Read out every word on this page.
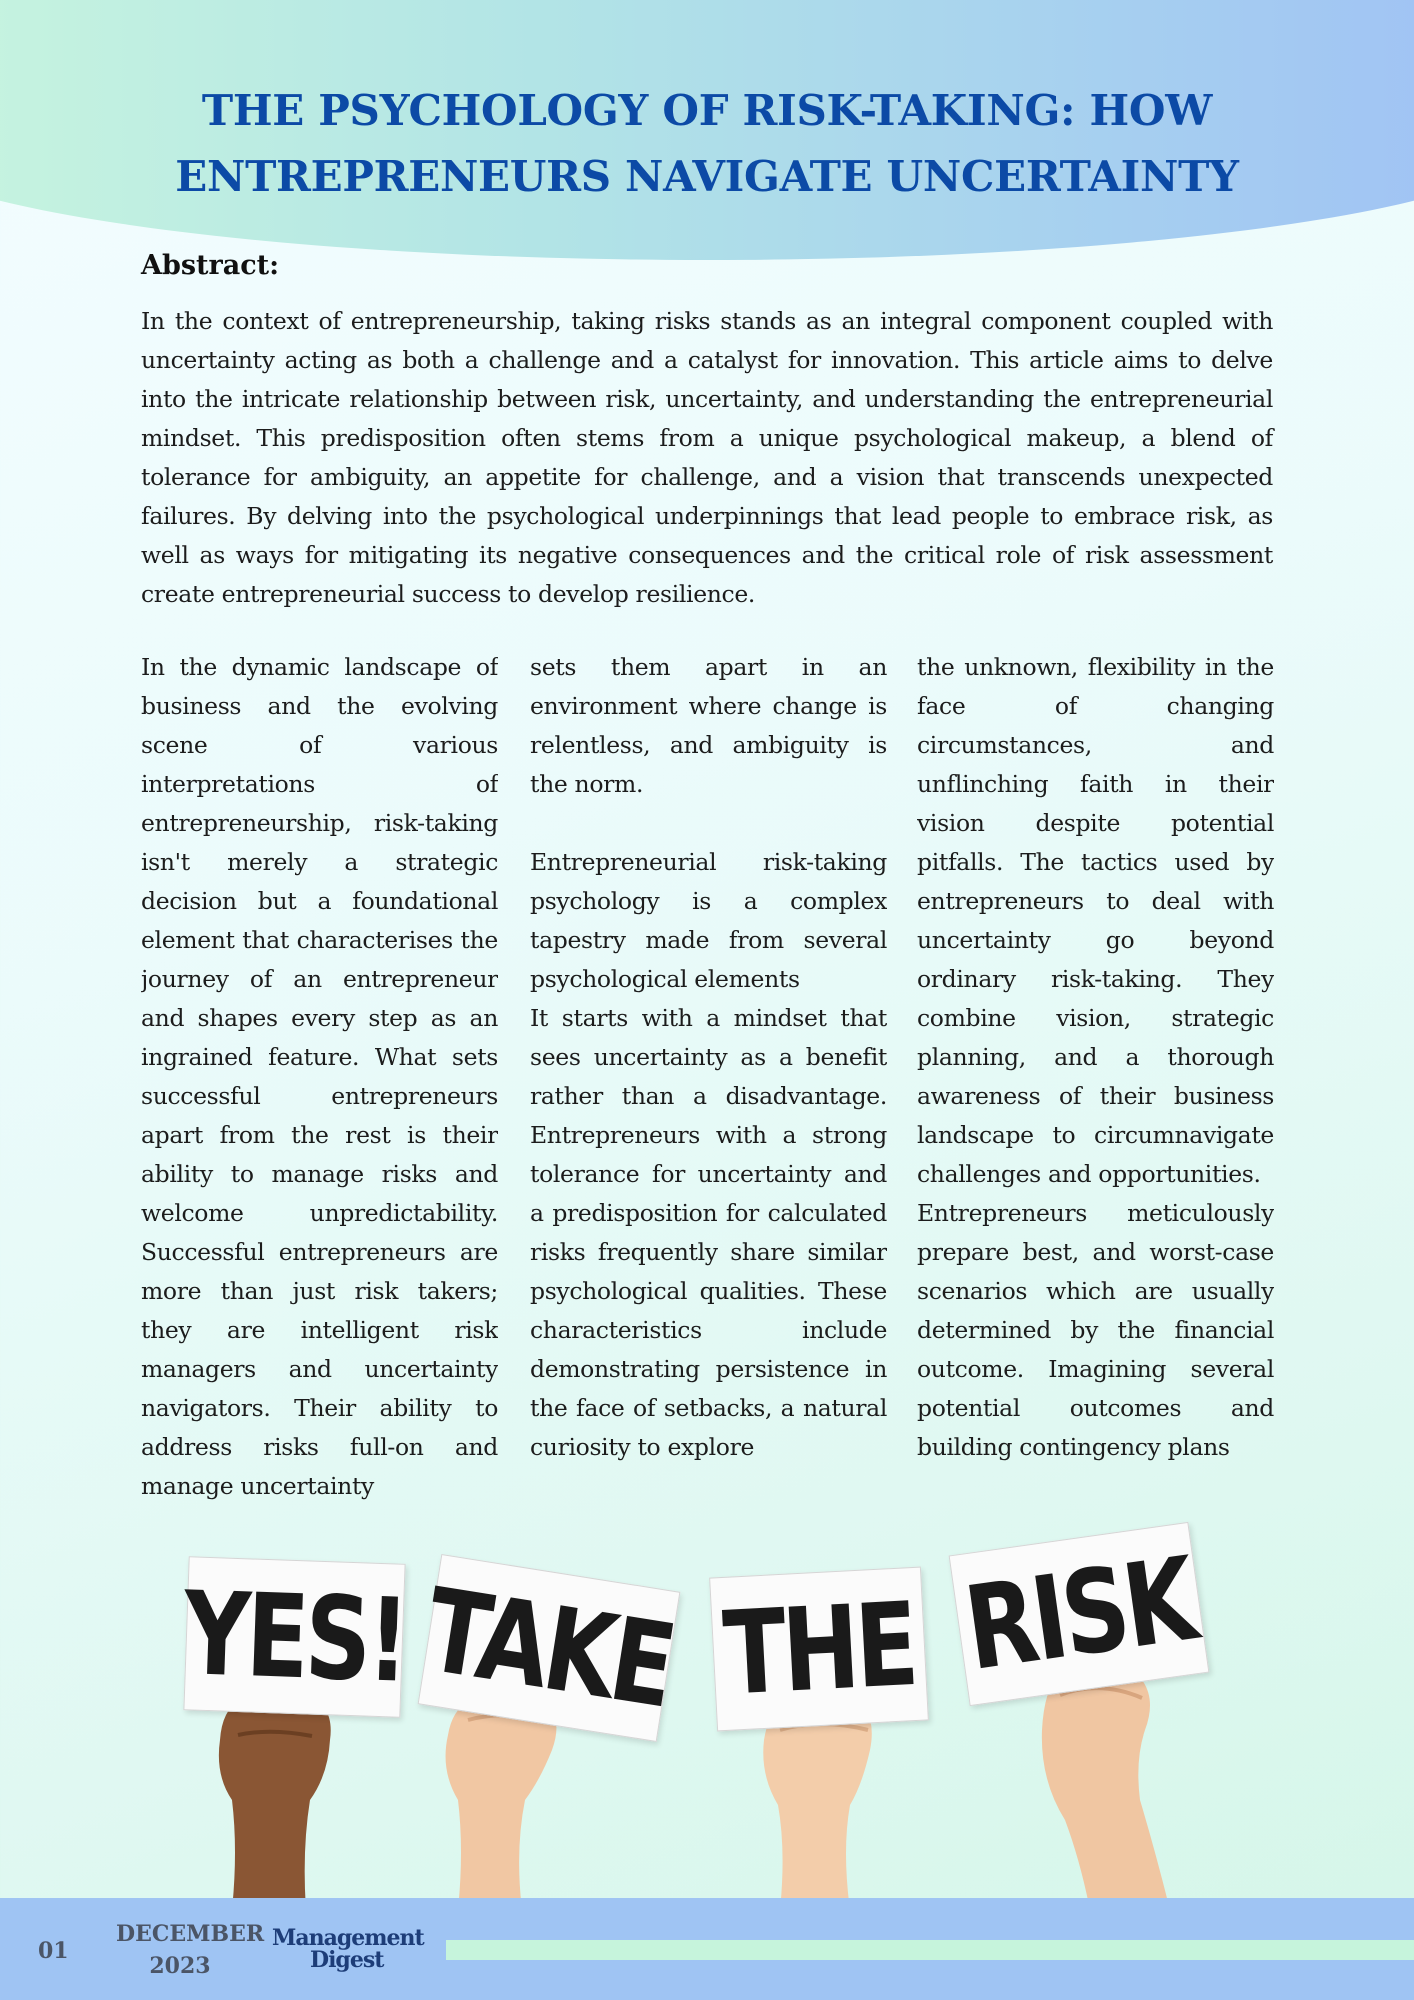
THE PSYCHOLOGY OF RISK-TAKING: HOW ENTREPRENEURS NAVIGATE UNCERTAINTY
Abstract:

In the context of entrepreneurship, taking risks stands as an integral component coupled with uncertainty acting as both a challenge and a catalyst for innovation. This article aims to delve into the intricate relationship between risk, uncertainty, and understanding the entrepreneurial mindset. This predisposition often stems from a unique psychological makeup, a blend of tolerance for ambiguity, an appetite for challenge, and a vision that transcends unexpected failures. By delving into the psychological underpinnings that lead people to embrace risk, as well as ways for mitigating its negative consequences and the critical role of risk assessment create entrepreneurial success to develop resilience.

In the dynamic landscape of business and the evolving scene of various interpretations of entrepreneurship, risk-taking isn't merely a strategic decision but a foundational element that characterises the journey of an entrepreneur and shapes every step as an ingrained feature. What sets successful entrepreneurs apart from the rest is their ability to manage risks and welcome unpredictability. Successful entrepreneurs are more than just risk takers; they are intelligent risk managers and uncertainty navigators. Their ability to address risks full-on and manage uncertainty

sets them apart in an environment where change is relentless, and ambiguity is the norm.

Entrepreneurial risk-taking psychology is a complex tapestry made from several psychological elements

It starts with a mindset that sees uncertainty as a benefit rather than a disadvantage. Entrepreneurs with a strong tolerance for uncertainty and a predisposition for calculated risks frequently share similar psychological qualities. These characteristics include demonstrating persistence in the face of setbacks, a natural curiosity to explore

the unknown, flexibility in the face of changing circumstances, and unflinching faith in their vision despite potential pitfalls. The tactics used by entrepreneurs to deal with uncertainty go beyond ordinary risk-taking. They combine vision, strategic planning, and a thorough awareness of their business landscape to circumnavigate challenges and opportunities.

Entrepreneurs meticulously prepare best, and worst-case scenarios which are usually determined by the financial outcome. Imagining several potential outcomes and building contingency plans

YES! TAKE THE RISK
01
DECEMBER
2023
Management
Digest
